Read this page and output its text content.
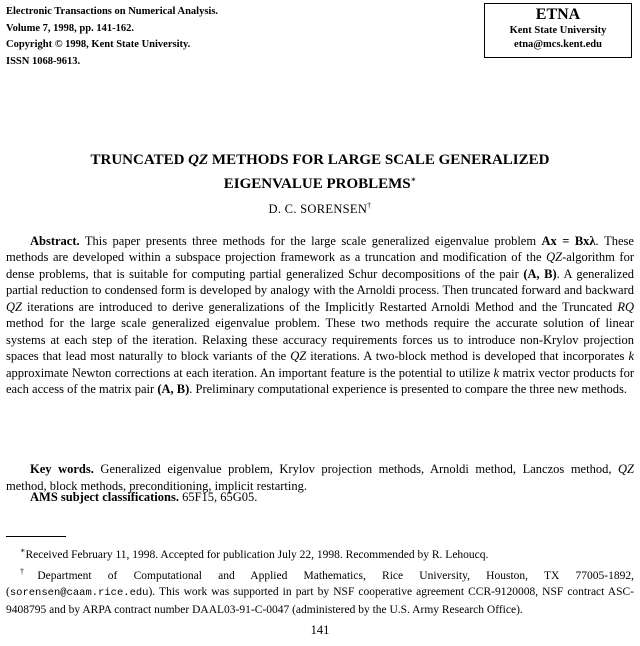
Electronic Transactions on Numerical Analysis.
Volume 7, 1998, pp. 141-162.
Copyright © 1998, Kent State University.
ISSN 1068-9613.
ETNA
Kent State University
etna@mcs.kent.edu
TRUNCATED QZ METHODS FOR LARGE SCALE GENERALIZED
EIGENVALUE PROBLEMS∗
D. C. SORENSEN†
Abstract. This paper presents three methods for the large scale generalized eigenvalue problem Ax = Bxλ. These methods are developed within a subspace projection framework as a truncation and modification of the QZ-algorithm for dense problems, that is suitable for computing partial generalized Schur decompositions of the pair (A, B). A generalized partial reduction to condensed form is developed by analogy with the Arnoldi process. Then truncated forward and backward QZ iterations are introduced to derive generalizations of the Implicitly Restarted Arnoldi Method and the Truncated RQ method for the large scale generalized eigenvalue problem. These two methods require the accurate solution of linear systems at each step of the iteration. Relaxing these accuracy requirements forces us to introduce non-Krylov projection spaces that lead most naturally to block variants of the QZ iterations. A two-block method is developed that incorporates k approximate Newton corrections at each iteration. An important feature is the potential to utilize k matrix vector products for each access of the matrix pair (A, B). Preliminary computational experience is presented to compare the three new methods.
Key words. Generalized eigenvalue problem, Krylov projection methods, Arnoldi method, Lanczos method, QZ method, block methods, preconditioning, implicit restarting.
AMS subject classifications. 65F15, 65G05.
∗Received February 11, 1998. Accepted for publication July 22, 1998. Recommended by R. Lehoucq.
†Department of Computational and Applied Mathematics, Rice University, Houston, TX 77005-1892, (sorensen@caam.rice.edu). This work was supported in part by NSF cooperative agreement CCR-9120008, NSF contract ASC-9408795 and by ARPA contract number DAAL03-91-C-0047 (administered by the U.S. Army Research Office).
141
